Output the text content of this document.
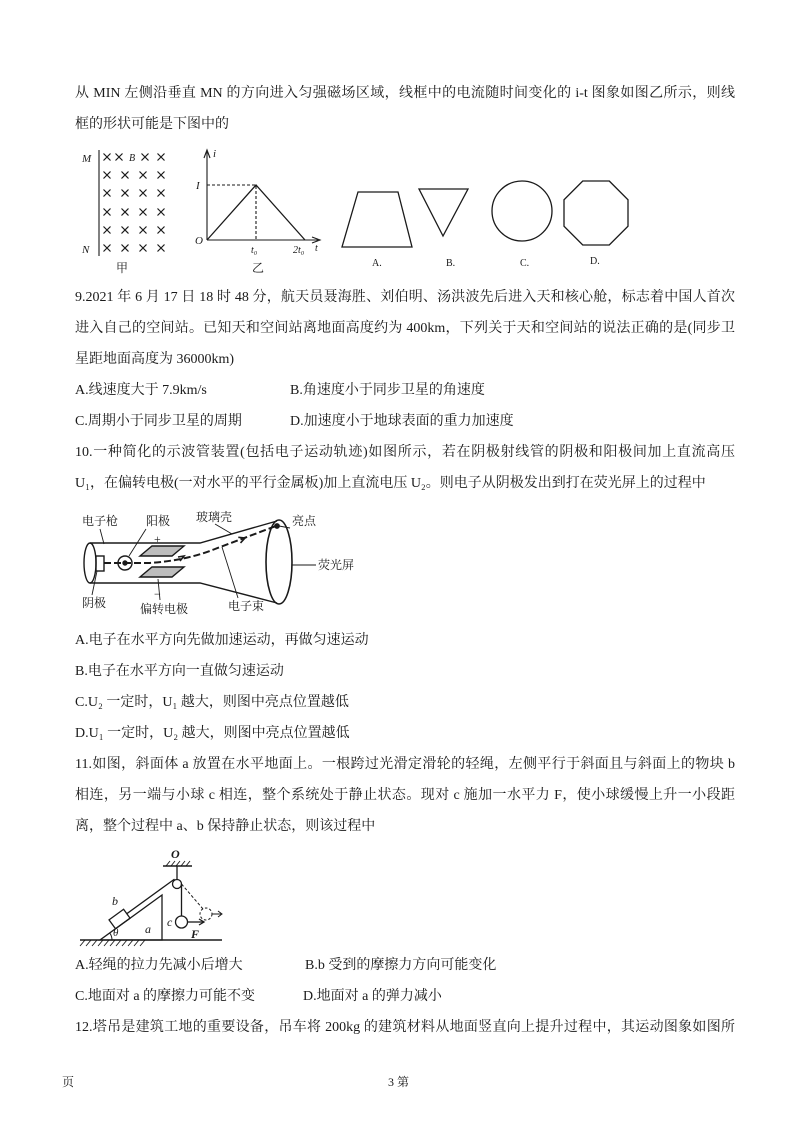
从 MIN 左侧沿垂直 MN 的方向进入匀强磁场区域，线框中的电流随时间变化的 i-t 图象如图乙所示，则线
框的形状可能是下图中的
M	B
N
甲
i
I
O
t₀	2t₀ t
乙	A.	B.	C.	D.
9.2021 年 6 月 17 日 18 时 48 分，航天员聂海胜、刘伯明、汤洪波先后进入天和核心舱，标志着中国人首次
进入自己的空间站。已知天和空间站离地面高度约为 400km，下列关于天和空间站的说法正确的是(同步卫
星距地面高度为 36000km)
A.线速度大于 7.9km/s	B.角速度小于同步卫星的角速度
C.周期小于同步卫星的周期	D.加速度小于地球表面的重力加速度
10.一种简化的示波管装置(包括电子运动轨迹)如图所示，若在阴极射线管的阴极和阳极间加上直流高压
U₁，在偏转电极(一对水平的平行金属板)加上直流电压 U₂。则电子从阴极发出到打在荧光屏上的过程中
电子枪 阳极 玻璃壳	亮点
荧光屏
阴极	偏转电极	电子束
+
−
A.电子在水平方向先做加速运动，再做匀速运动
B.电子在水平方向一直做匀速运动
C.U₂ 一定时，U₁ 越大，则图中亮点位置越低
D.U₁ 一定时，U₂ 越大，则图中亮点位置越低
11.如图，斜面体 a 放置在水平地面上。一根跨过光滑定滑轮的轻绳，左侧平行于斜面且与斜面上的物块 b
相连，另一端与小球 c 相连，整个系统处于静止状态。现对 c 施加一水平力 F，使小球缓慢上升一小段距
离，整个过程中 a、b 保持静止状态，则该过程中
O
b
θ a c
F
A.轻绳的拉力先减小后增大	B.b 受到的摩擦力方向可能变化
C.地面对 a 的摩擦力可能不变	D.地面对 a 的弹力减小
12.塔吊是建筑工地的重要设备，吊车将 200kg 的建筑材料从地面竖直向上提升过程中，其运动图象如图所
页	3 第
